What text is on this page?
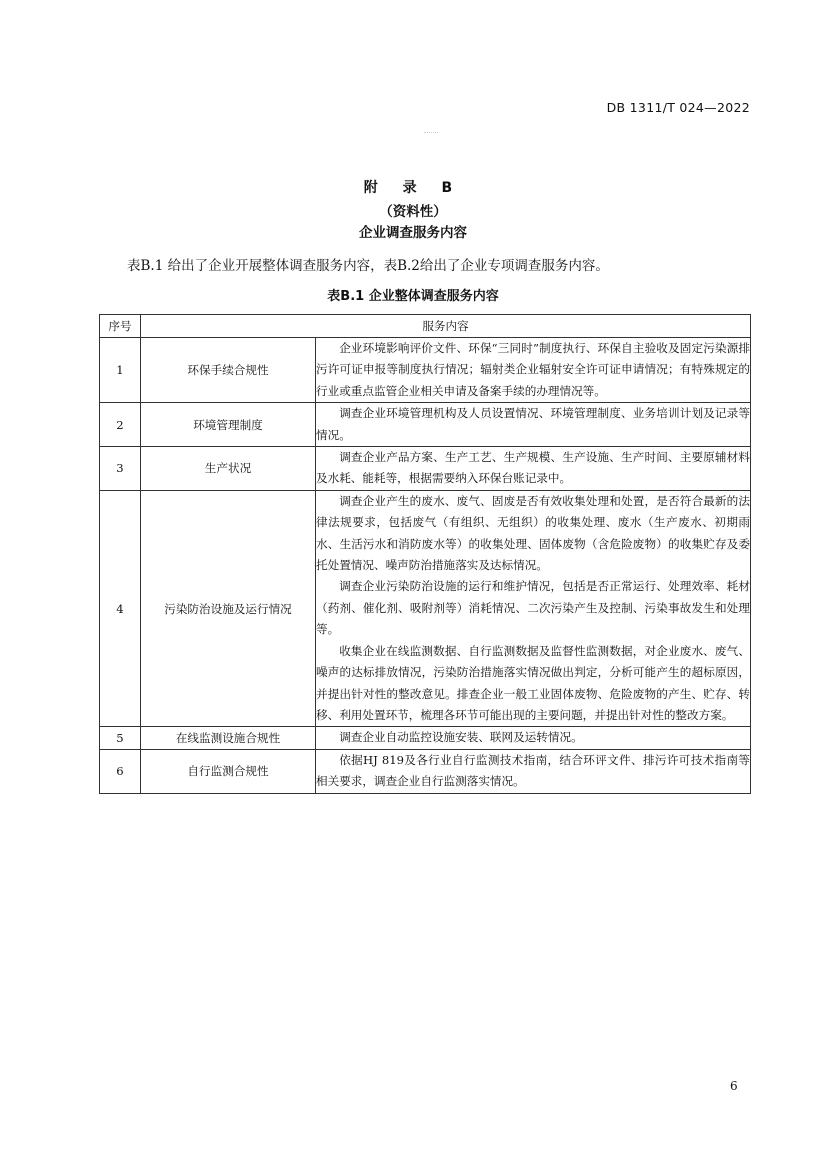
DB 1311/T 024—2022
附 录 B
（资料性）
企业调查服务内容
表B.1 给出了企业开展整体调查服务内容，表B.2给出了企业专项调查服务内容。
表B.1 企业整体调查服务内容
序号	服务内容	
1	环保手续合规性	企业环境影响评价文件、环保“三同时”制度执行、环保自主验收及固定污染源排污许可证申报等制度执行情况；辐射类企业辐射安全许可证申请情况；有特殊规定的行业或重点监管企业相关申请及备案手续的办理情况等。

2	环境管理制度	调查企业环境管理机构及人员设置情况、环境管理制度、业务培训计划及记录等情况。

3	生产状况	调查企业产品方案、生产工艺、生产规模、生产设施、生产时间、主要原辅材料及水耗、能耗等，根据需要纳入环保台账记录中。

4	污染防治设施及运行情况	调查企业产生的废水、废气、固废是否有效收集处理和处置，是否符合最新的法律法规要求，包括废气（有组织、无组织）的收集处理、废水（生产废水、初期雨水、生活污水和消防废水等）的收集处理、固体废物（含危险废物）的收集贮存及委托处置情况、噪声防治措施落实及达标情况。

调查企业污染防治设施的运行和维护情况，包括是否正常运行、处理效率、耗材（药剂、催化剂、吸附剂等）消耗情况、二次污染产生及控制、污染事故发生和处理等。

收集企业在线监测数据、自行监测数据及监督性监测数据，对企业废水、废气、噪声的达标排放情况，污染防治措施落实情况做出判定，分析可能产生的超标原因，并提出针对性的整改意见。排查企业一般工业固体废物、危险废物的产生、贮存、转移、利用处置环节，梳理各环节可能出现的主要问题，并提出针对性的整改方案。

5	在线监测设施合规性	调查企业自动监控设施安装、联网及运转情况。

6	自行监测合规性	依据HJ 819及各行业自行监测技术指南，结合环评文件、排污许可技术指南等相关要求，调查企业自行监测落实情况。

6
